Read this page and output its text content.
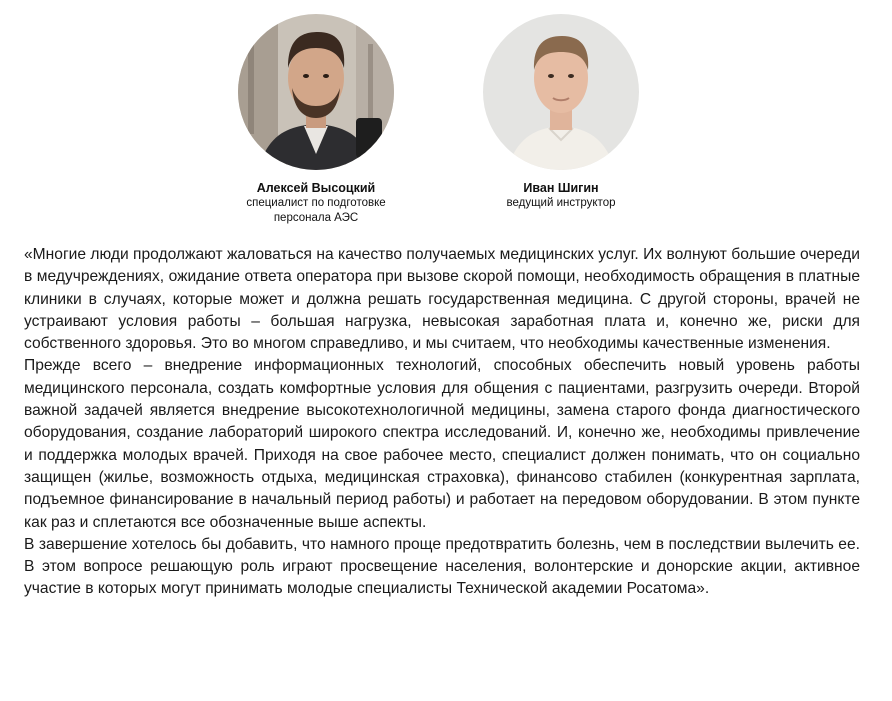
Алексей Высоцкий
специалист по подготовке
персонала АЭС
Иван Шигин
ведущий инструктор

«Многие люди продолжают жаловаться на качество получаемых медицинских услуг. Их волнуют большие очереди в медучреждениях, ожидание ответа оператора при вызове скорой помощи, необходимость обращения в платные клиники в случаях, которые может и должна решать государственная медицина. С другой стороны, врачей не устраивают условия работы – большая нагрузка, невысокая заработная плата и, конечно же, риски для собственного здоровья. Это во многом справедливо, и мы считаем, что необходимы качественные изменения.

Прежде всего – внедрение информационных технологий, способных обеспечить новый уровень работы медицинского персонала, создать комфортные условия для общения с пациентами, разгрузить очереди. Второй важной задачей является внедрение высокотехнологичной медицины, замена старого фонда диагностического оборудования, создание лабораторий широкого спектра исследований. И, конечно же, необходимы привлечение и поддержка молодых врачей. Приходя на свое рабочее место, специалист должен понимать, что он социально защищен (жилье, возможность отдыха, медицинская страховка), финансово стабилен (конкурентная зарплата, подъемное финансирование в начальный период работы) и работает на передовом оборудовании. В этом пункте как раз и сплетаются все обозначенные выше аспекты.

В завершение хотелось бы добавить, что намного проще предотвратить болезнь, чем в последствии вылечить ее. В этом вопросе решающую роль играют просвещение населения, волонтерские и донорские акции, активное участие в которых могут принимать молодые специалисты Технической академии Росатома».
